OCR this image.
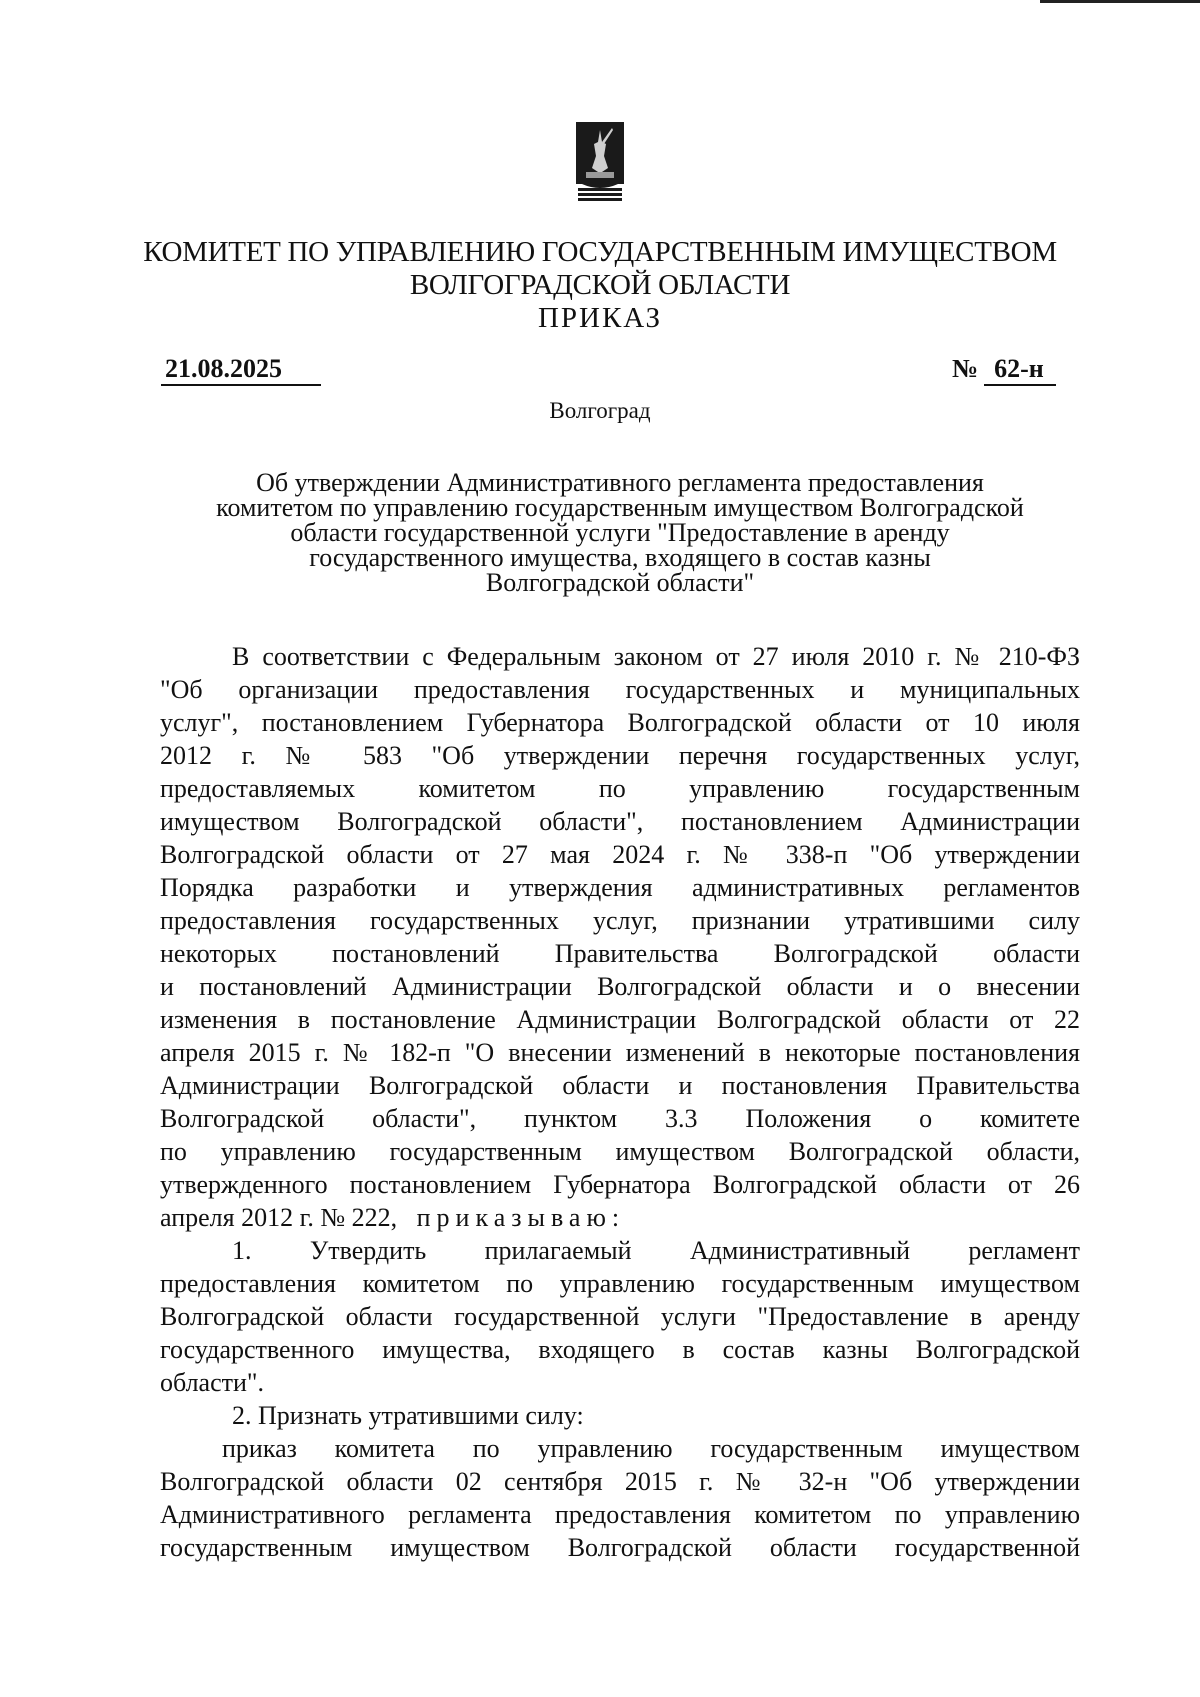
КОМИТЕТ ПО УПРАВЛЕНИЮ ГОСУДАРСТВЕННЫМ ИМУЩЕСТВОМ
ВОЛГОГРАДСКОЙ ОБЛАСТИ
ПРИКАЗ
21.08.2025	№ 62-н
Волгоград
Об утверждении Административного регламента предоставления
комитетом по управлению государственным имуществом Волгоградской
области государственной услуги "Предоставление в аренду
государственного имущества, входящего в состав казны
Волгоградской области"
В соответствии с Федеральным законом от 27 июля 2010 г. № 210-ФЗ
"Об организации предоставления государственных и муниципальных
услуг", постановлением Губернатора Волгоградской области от 10 июля
2012 г. № 583 "Об утверждении перечня государственных услуг,
предоставляемых комитетом по управлению государственным
имуществом Волгоградской области", постановлением Администрации
Волгоградской области от 27 мая 2024 г. № 338-п "Об утверждении
Порядка разработки и утверждения административных регламентов
предоставления государственных услуг, признании утратившими силу
некоторых постановлений Правительства Волгоградской области
и постановлений Администрации Волгоградской области и о внесении
изменения в постановление Администрации Волгоградской области от 22
апреля 2015 г. № 182-п "О внесении изменений в некоторые постановления
Администрации Волгоградской области и постановления Правительства
Волгоградской области", пунктом 3.3 Положения о комитете
по управлению государственным имуществом Волгоградской области,
утвержденного постановлением Губернатора Волгоградской области от 26
апреля 2012 г. № 222, приказываю:
1. Утвердить прилагаемый Административный регламент
предоставления комитетом по управлению государственным имуществом
Волгоградской области государственной услуги "Предоставление в аренду
государственного имущества, входящего в состав казны Волгоградской
области".
2. Признать утратившими силу:
приказ комитета по управлению государственным имуществом
Волгоградской области 02 сентября 2015 г. № 32-н "Об утверждении
Административного регламента предоставления комитетом по управлению
государственным имуществом Волгоградской области государственной
